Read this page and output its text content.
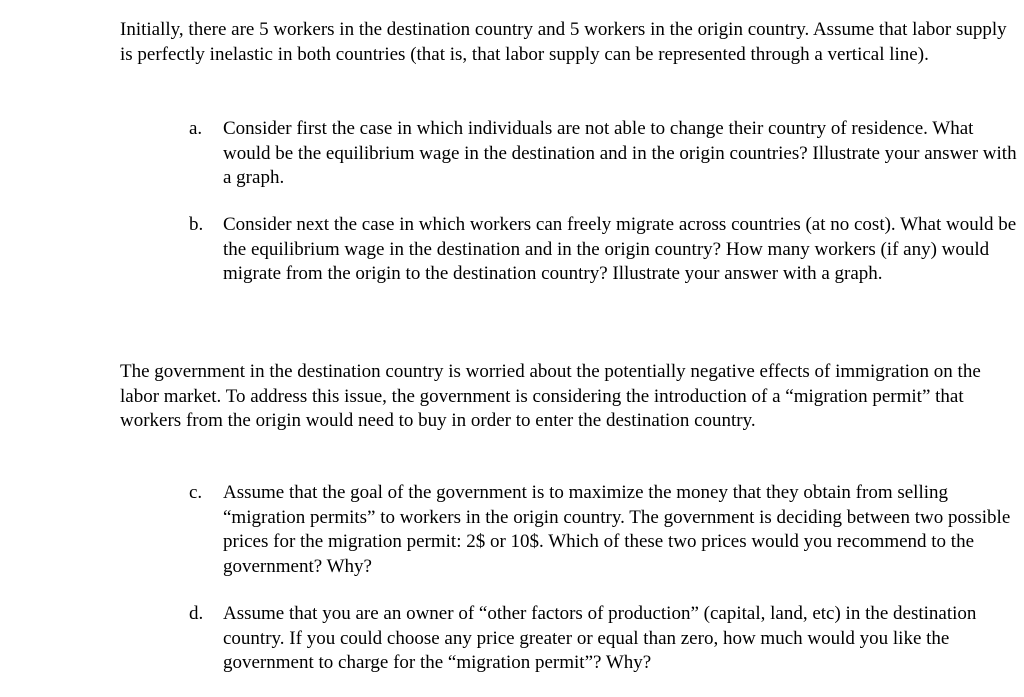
Initially, there are 5 workers in the destination country and 5 workers in the origin country. Assume that labor supply is perfectly inelastic in both countries (that is, that labor supply can be represented through a vertical line).

a.	Consider first the case in which individuals are not able to change their country of residence. What would be the equilibrium wage in the destination and in the origin countries? Illustrate your answer with a graph.

b.	Consider next the case in which workers can freely migrate across countries (at no cost). What would be the equilibrium wage in the destination and in the origin country? How many workers (if any) would migrate from the origin to the destination country? Illustrate your answer with a graph.

The government in the destination country is worried about the potentially negative effects of immigration on the labor market. To address this issue, the government is considering the introduction of a “migration permit” that workers from the origin would need to buy in order to enter the destination country.

c.	Assume that the goal of the government is to maximize the money that they obtain from selling “migration permits” to workers in the origin country. The government is deciding between two possible prices for the migration permit: 2$ or 10$. Which of these two prices would you recommend to the government? Why?

d.	Assume that you are an owner of “other factors of production” (capital, land, etc) in the destination country. If you could choose any price greater or equal than zero, how much would you like the government to charge for the “migration permit”? Why?
